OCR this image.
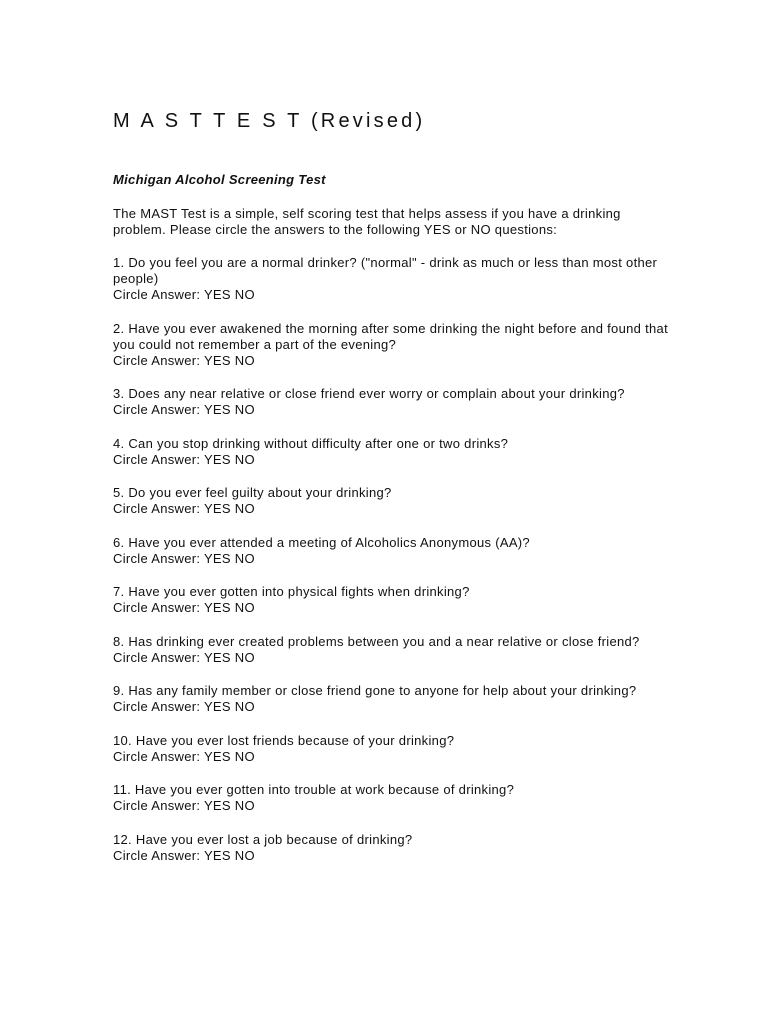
M A S T T E S T (Revised)

Michigan Alcohol Screening Test

The MAST Test is a simple, self scoring test that helps assess if you have a drinking problem. Please circle the answers to the following YES or NO questions:

1. Do you feel you are a normal drinker? ("normal" - drink as much or less than most other people)
Circle Answer: YES NO
2. Have you ever awakened the morning after some drinking the night before and found that you could not remember a part of the evening?
Circle Answer: YES NO
3. Does any near relative or close friend ever worry or complain about your drinking?
Circle Answer: YES NO
4. Can you stop drinking without difficulty after one or two drinks?
Circle Answer: YES NO
5. Do you ever feel guilty about your drinking?
Circle Answer: YES NO
6. Have you ever attended a meeting of Alcoholics Anonymous (AA)?
Circle Answer: YES NO
7. Have you ever gotten into physical fights when drinking?
Circle Answer: YES NO
8. Has drinking ever created problems between you and a near relative or close friend?
Circle Answer: YES NO
9. Has any family member or close friend gone to anyone for help about your drinking?
Circle Answer: YES NO
10. Have you ever lost friends because of your drinking?
Circle Answer: YES NO
11. Have you ever gotten into trouble at work because of drinking?
Circle Answer: YES NO
12. Have you ever lost a job because of drinking?
Circle Answer: YES NO
